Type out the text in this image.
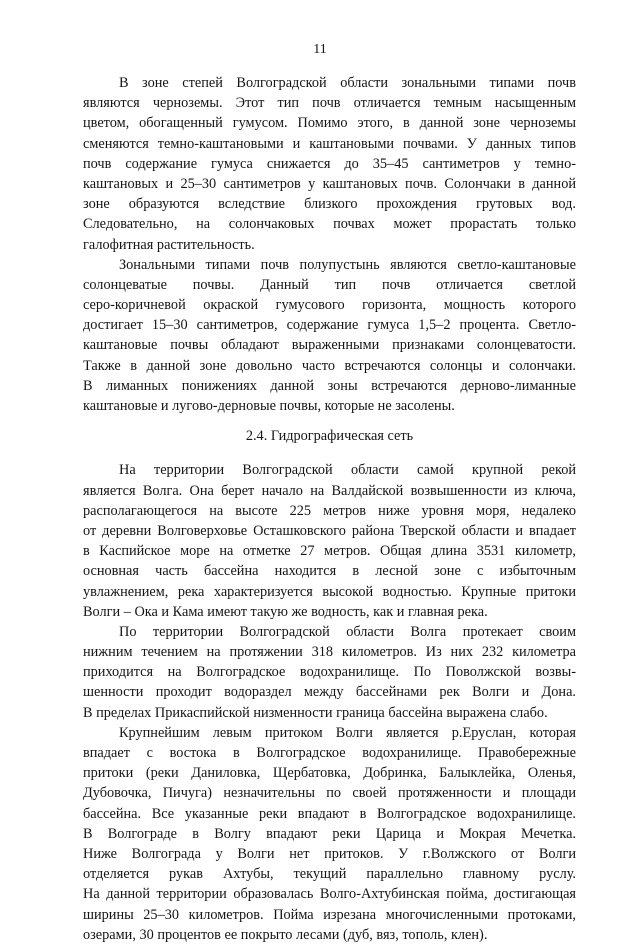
11
В зоне степей Волгоградской области зональными типами почв
являются черноземы. Этот тип почв отличается темным насыщенным
цветом, обогащенный гумусом. Помимо этого, в данной зоне черноземы
сменяются темно-каштановыми и каштановыми почвами. У данных типов
почв содержание гумуса снижается до 35–45 сантиметров у темно-
каштановых и 25–30 сантиметров у каштановых почв. Солончаки в данной
зоне образуются вследствие близкого прохождения грутовых вод.
Следовательно, на солончаковых почвах может прорастать только
галофитная растительность.
Зональными типами почв полупустынь являются светло-каштановые
солонцеватые почвы. Данный тип почв отличается светлой
серо-коричневой окраской гумусового горизонта, мощность которого
достигает 15–30 сантиметров, содержание гумуса 1,5–2 процента. Светло-
каштановые почвы обладают выраженными признаками солонцеватости.
Также в данной зоне довольно часто встречаются солонцы и солончаки.
В лиманных понижениях данной зоны встречаются дерново-лиманные
каштановые и лугово-дерновые почвы, которые не засолены.
2.4. Гидрографическая сеть
На территории Волгоградской области самой крупной рекой
является Волга. Она берет начало на Валдайской возвышенности из ключа,
располагающегося на высоте 225 метров ниже уровня моря, недалеко
от деревни Волговерховье Осташковского района Тверской области и впадает
в Каспийское море на отметке 27 метров. Общая длина 3531 километр,
основная часть бассейна находится в лесной зоне с избыточным
увлажнением, река характеризуется высокой водностью. Крупные притоки
Волги – Ока и Кама имеют такую же водность, как и главная река.
По территории Волгоградской области Волга протекает своим
нижним течением на протяжении 318 километров. Из них 232 километра
приходится на Волгоградское водохранилище. По Поволжской возвы-
шенности проходит водораздел между бассейнами рек Волги и Дона.
В пределах Прикаспийской низменности граница бассейна выражена слабо.
Крупнейшим левым притоком Волги является р.Еруслан, которая
впадает с востока в Волгоградское водохранилище. Правобережные
притоки (реки Даниловка, Щербатовка, Добринка, Балыклейка, Оленья,
Дубовочка, Пичуга) незначительны по своей протяженности и площади
бассейна. Все указанные реки впадают в Волгоградское водохранилище.
В Волгограде в Волгу впадают реки Царица и Мокрая Мечетка.
Ниже Волгограда у Волги нет притоков. У г.Волжского от Волги
отделяется рукав Ахтубы, текущий параллельно главному руслу.
На данной территории образовалась Волго-Ахтубинская пойма, достигающая
ширины 25–30 километров. Пойма изрезана многочисленными протоками,
озерами, 30 процентов ее покрыто лесами (дуб, вяз, тополь, клен).
